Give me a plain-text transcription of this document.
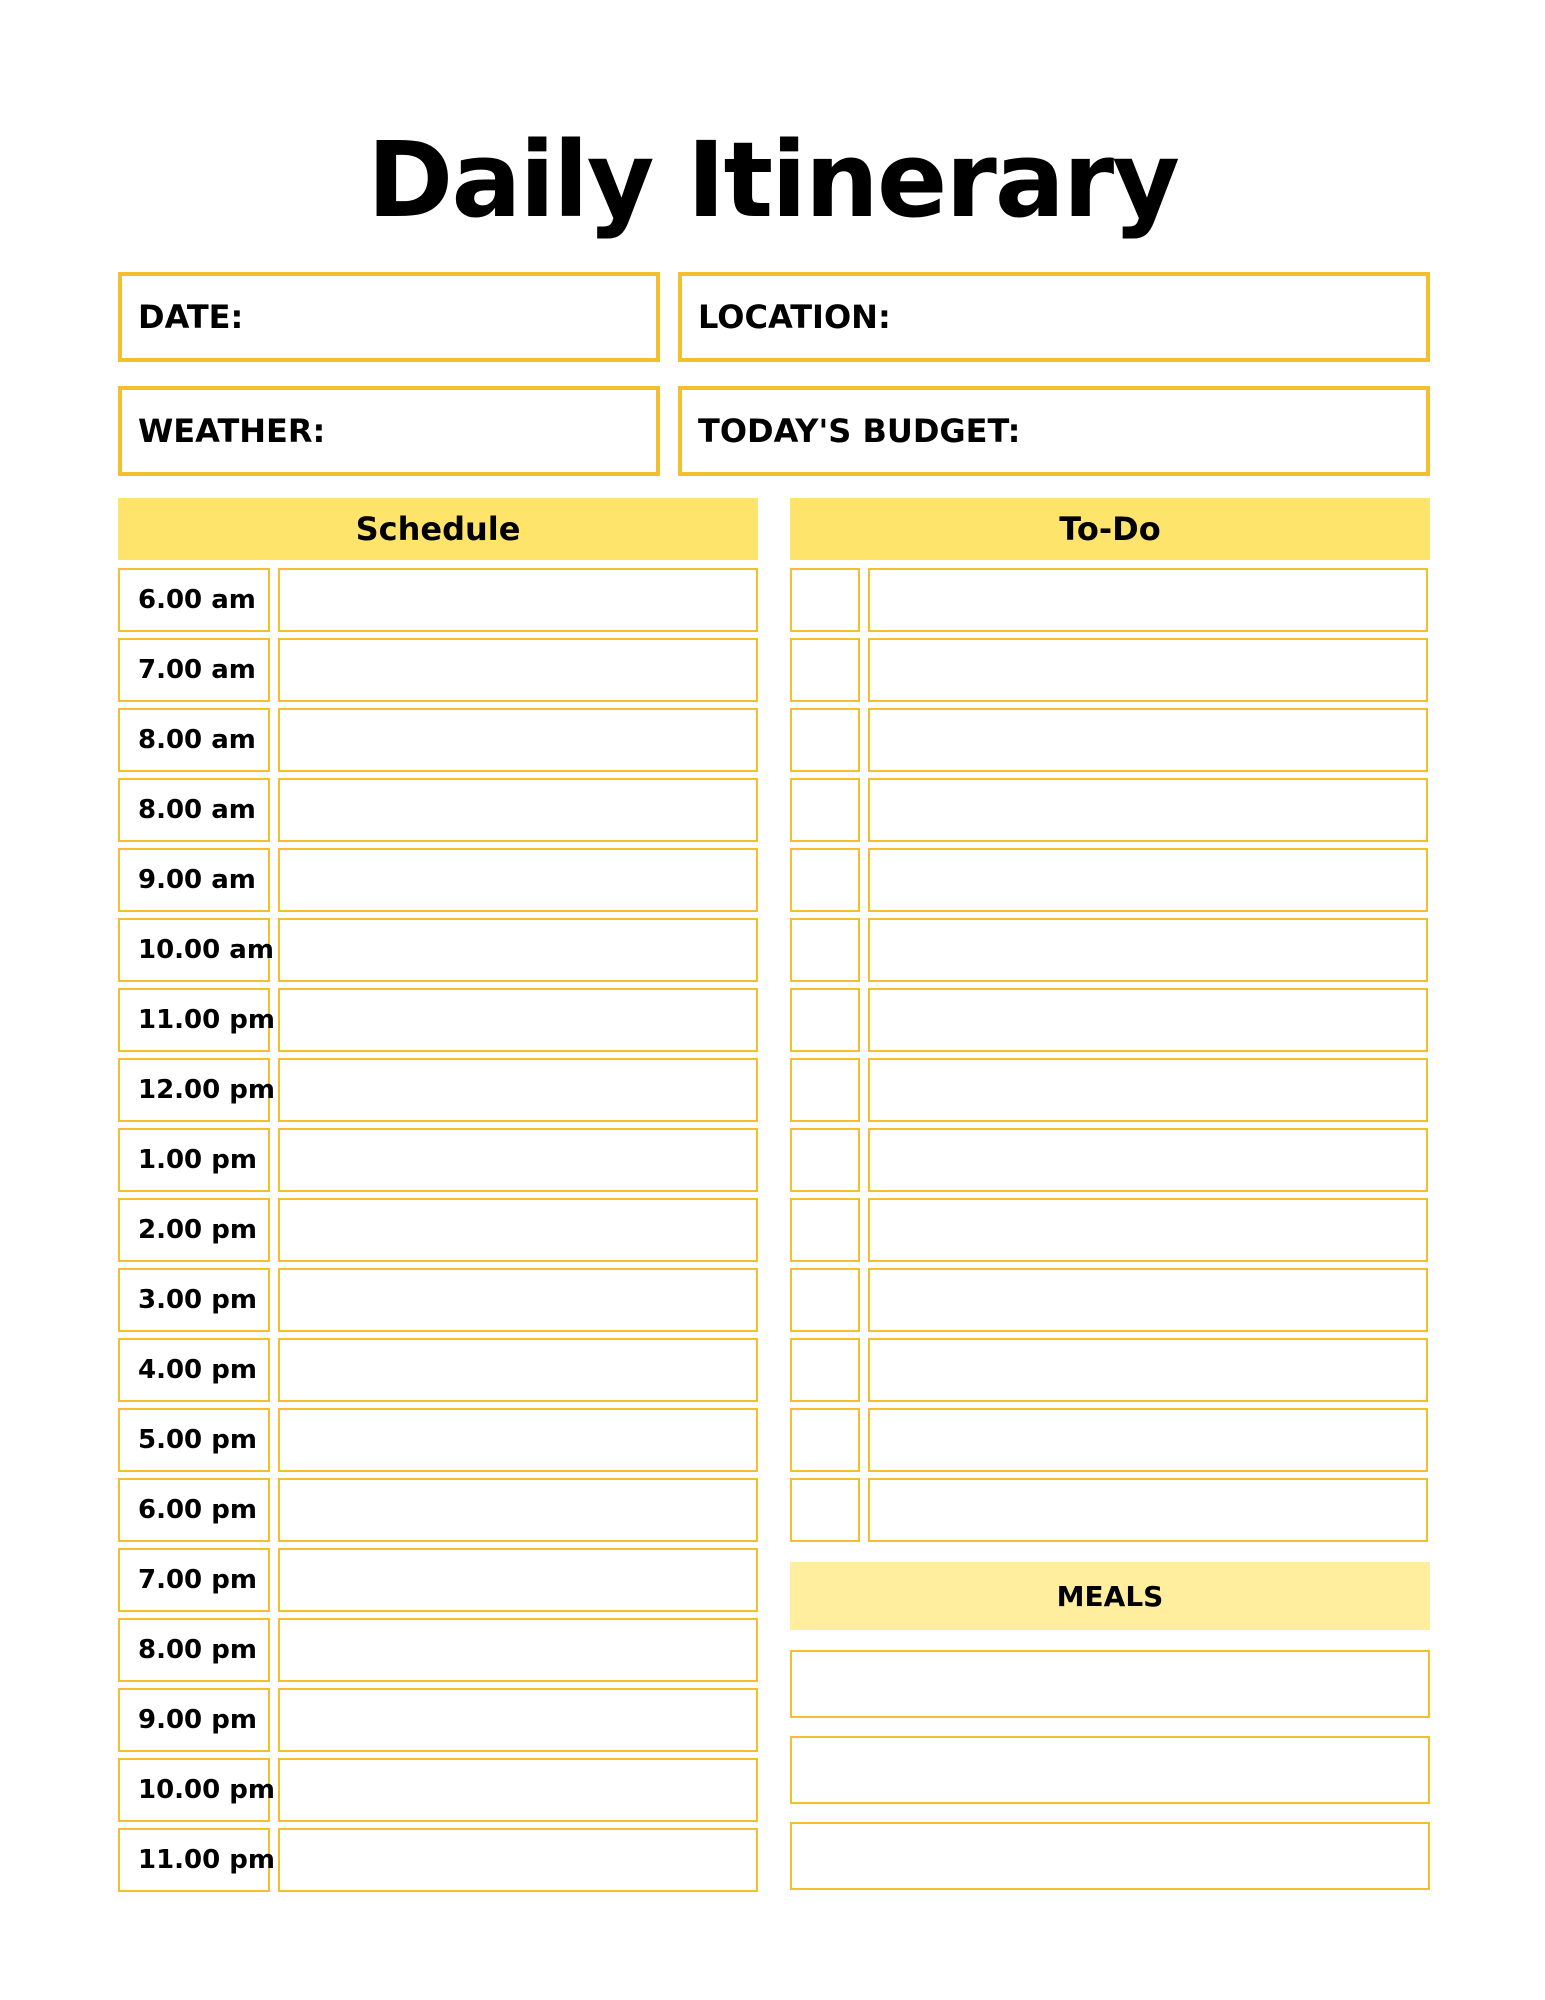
Daily Itinerary
DATE:	LOCATION:
WEATHER:	TODAY'S BUDGET:
Schedule	To-Do
6.00 am
7.00 am
8.00 am
8.00 am
9.00 am
10.00 am
11.00 pm
12.00 pm
1.00 pm
2.00 pm
3.00 pm
4.00 pm
5.00 pm
6.00 pm
7.00 pm
8.00 pm
9.00 pm
10.00 pm
11.00 pm
MEALS
